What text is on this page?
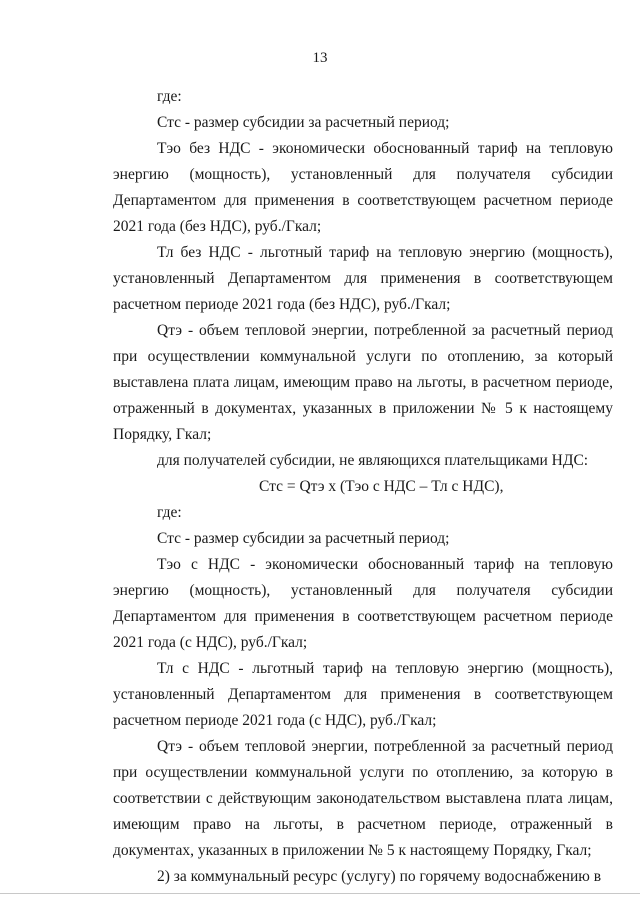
13

где:

Стс - размер субсидии за расчетный период;

Тэо без НДС - экономически обоснованный тариф на тепловую энергию (мощность), установленный для получателя субсидии Департаментом для применения в соответствующем расчетном периоде 2021 года (без НДС), руб./Гкал;

Тл без НДС - льготный тариф на тепловую энергию (мощность), установленный Департаментом для применения в соответствующем расчетном периоде 2021 года (без НДС), руб./Гкал;

Qтэ - объем тепловой энергии, потребленной за расчетный период при осуществлении коммунальной услуги по отоплению, за который выставлена плата лицам, имеющим право на льготы, в расчетном периоде, отраженный в документах, указанных в приложении № 5 к настоящему Порядку, Гкал;

для получателей субсидии, не являющихся плательщиками НДС:

Стс = Qтэ х (Тэо с НДС – Тл с НДС),

где:

Стс - размер субсидии за расчетный период;

Тэо с НДС - экономически обоснованный тариф на тепловую энергию (мощность), установленный для получателя субсидии Департаментом для применения в соответствующем расчетном периоде 2021 года (с НДС), руб./Гкал;

Тл с НДС - льготный тариф на тепловую энергию (мощность), установленный Департаментом для применения в соответствующем расчетном периоде 2021 года (с НДС), руб./Гкал;

Qтэ - объем тепловой энергии, потребленной за расчетный период при осуществлении коммунальной услуги по отоплению, за которую в соответствии с действующим законодательством выставлена плата лицам, имеющим право на льготы, в расчетном периоде, отраженный в документах, указанных в приложении № 5 к настоящему Порядку, Гкал;

2) за коммунальный ресурс (услугу) по горячему водоснабжению в
